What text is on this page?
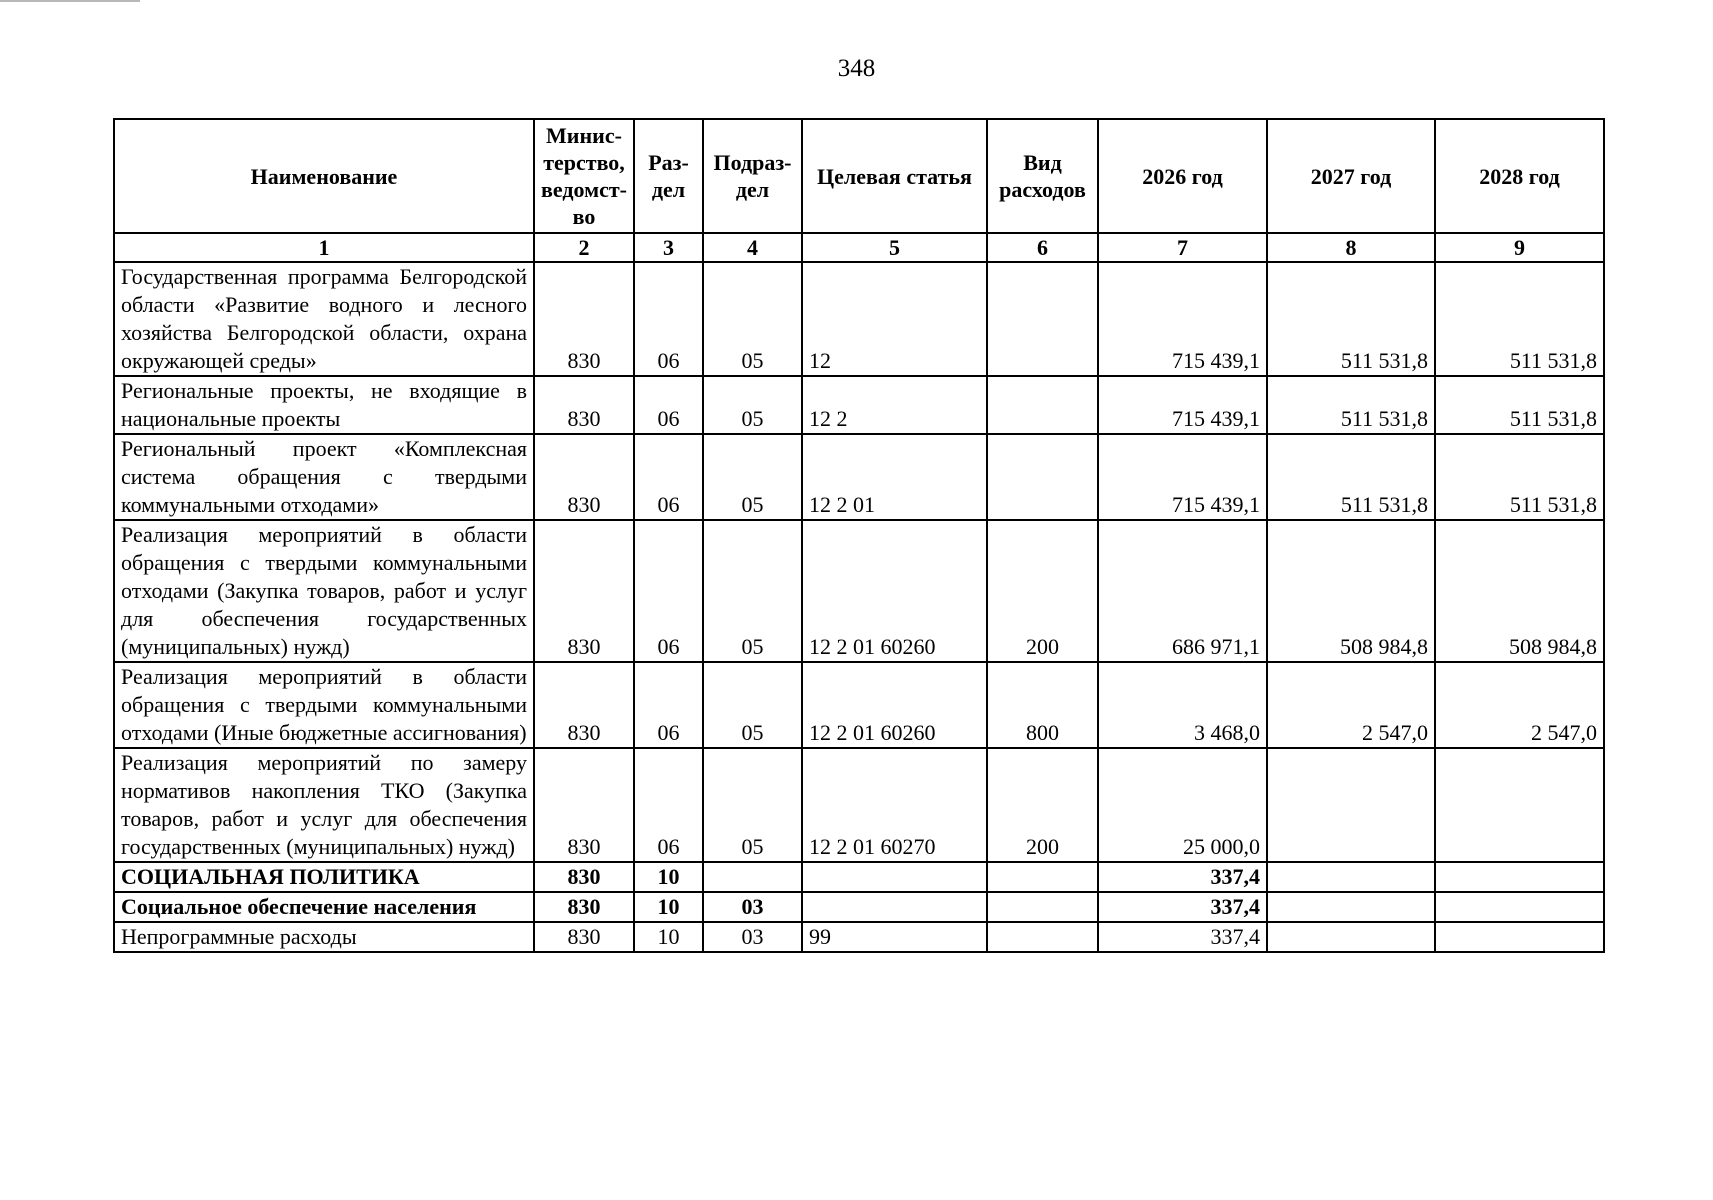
348
Наименование	Минис-терство, ведомст-во	Раз-дел	Подраз-дел	Целевая статья	Вид расходов	2026 год	2027 год	2028 год
1	2	3	4	5	6	7	8	9
Государственная программа Белгородской области «Развитие водного и лесного хозяйства Белгородской области, охрана окружающей среды»	830	06	05	12		715 439,1	511 531,8	511 531,8
Региональные проекты, не входящие в национальные проекты	830	06	05	12 2		715 439,1	511 531,8	511 531,8
Региональный проект «Комплексная система обращения с твердыми коммунальными отходами»	830	06	05	12 2 01		715 439,1	511 531,8	511 531,8
Реализация мероприятий в области обращения с твердыми коммунальными отходами (Закупка товаров, работ и услуг для обеспечения государственных (муниципальных) нужд)	830	06	05	12 2 01 60260	200	686 971,1	508 984,8	508 984,8
Реализация мероприятий в области обращения с твердыми коммунальными отходами (Иные бюджетные ассигнования)	830	06	05	12 2 01 60260	800	3 468,0	2 547,0	2 547,0
Реализация мероприятий по замеру нормативов накопления ТКО (Закупка товаров, работ и услуг для обеспечения государственных (муниципальных) нужд)	830	06	05	12 2 01 60270	200	25 000,0		
СОЦИАЛЬНАЯ ПОЛИТИКА	830	10				337,4		
Социальное обеспечение населения	830	10	03			337,4		
Непрограммные расходы	830	10	03	99		337,4		
